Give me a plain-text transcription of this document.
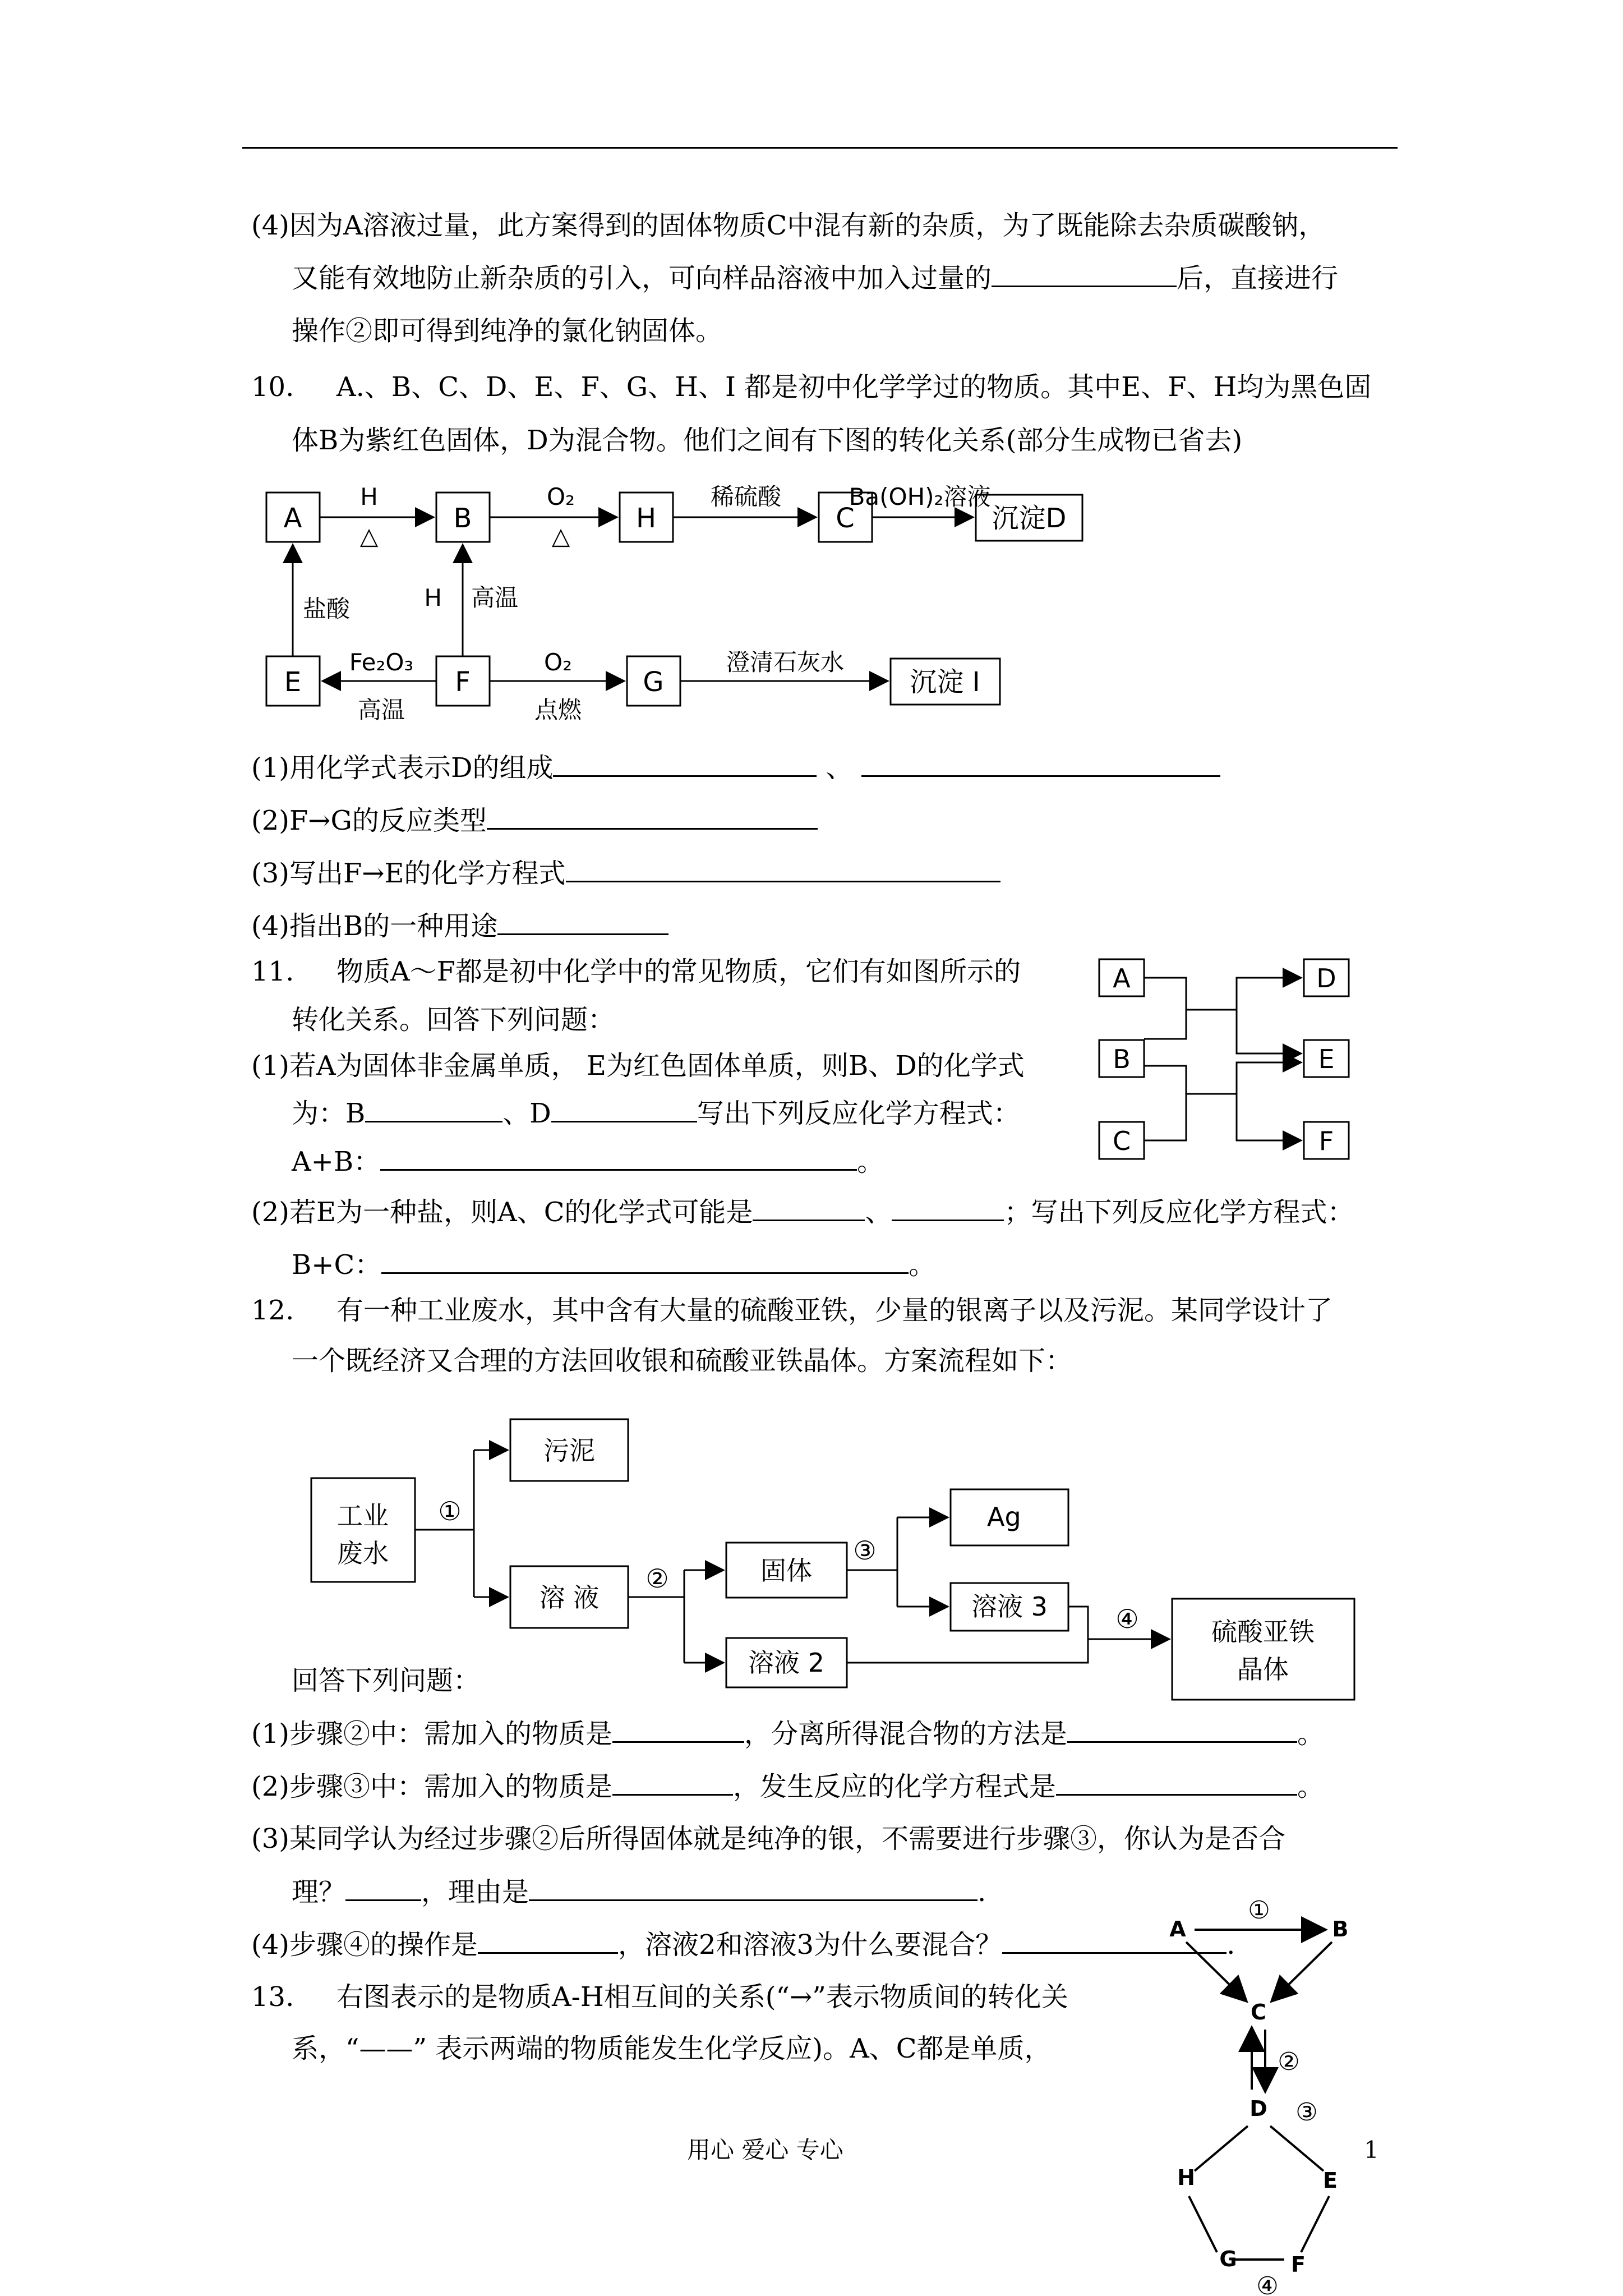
(4)因为A溶液过量，此方案得到的固体物质C中混有新的杂质，为了既能除去杂质碳酸钠，
又能有效地防止新杂质的引入，可向样品溶液中加入过量的	后，直接进行
操作②即可得到纯净的氯化钠固体。
10. A.、B、C、D、E、F、G、H、I 都是初中化学学过的物质。其中E、F、H均为黑色固
体B为紫红色固体，D为混合物。他们之间有下图的转化关系(部分生成物已省去)
A	B	H	C	沉淀D
E	F	G	沉淀 I
H
△
O₂
△
稀硫酸	Ba(OH)₂溶液
盐酸	H 高温
Fe₂O₃
高温
O₂
点燃
澄清石灰水
(1)用化学式表示D的组成	、
(2)F→G的反应类型
(3)写出F→E的化学方程式
(4)指出B的一种用途
11. 物质A～F都是初中化学中的常见物质，它们有如图所示的
转化关系。回答下列问题：
(1)若A为固体非金属单质， E为红色固体单质，则B、D的化学式
为：B	、D	写出下列反应化学方程式：
A+B：	。
A
B
C
D
E
F
(2)若E为一种盐，则A、C的化学式可能是	、	；写出下列反应化学方程式：
B+C：	。
12. 有一种工业废水，其中含有大量的硫酸亚铁，少量的银离子以及污泥。某同学设计了
一个既经济又合理的方法回收银和硫酸亚铁晶体。方案流程如下：
工业
废水
污泥
溶 液
固体
Ag
溶液 3
溶液 2
硫酸亚铁
晶体
①
②
③
④
回答下列问题：
(1)步骤②中：需加入的物质是	，分离所得混合物的方法是	。
(2)步骤③中：需加入的物质是	，发生反应的化学方程式是	。
(3)某同学认为经过步骤②后所得固体就是纯净的银，不需要进行步骤③，你认为是否合
理？	，理由是	.
(4)步骤④的操作是	，溶液2和溶液3为什么要混合？	.
13. 右图表示的是物质A-H相互间的关系(“→”表示物质间的转化关
系，“——” 表示两端的物质能发生化学反应)。A、C都是单质，
A	B
C
D
E
F
G
H
①
②
③
④
用心 爱心 专心	1
